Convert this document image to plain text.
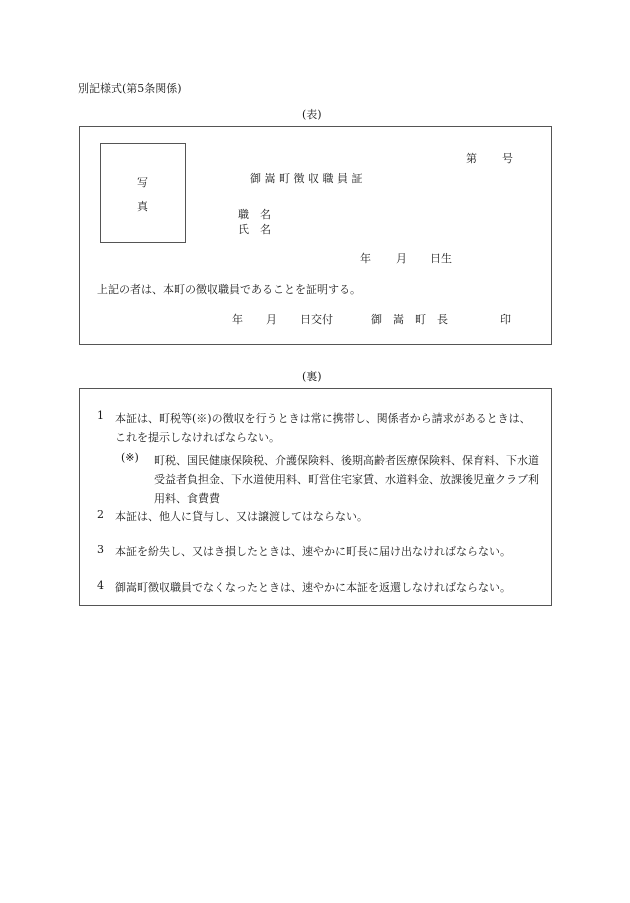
別記様式(第5条関係)
(表)
写
真
第 号
御 嵩 町 徴 収 職 員 証
職　名
氏　名
年 月 日生
上記の者は、本町の徴収職員であることを証明する。
年 月 日交付	御　嵩　町　長	印
(裏)
1 本証は、町税等(※)の徴収を行うときは常に携帯し、関係者から請求があるときは、これを提示しなければならない。
(※) 町税、国民健康保険税、介護保険料、後期高齢者医療保険料、保育料、下水道受益者負担金、下水道使用料、町営住宅家賃、水道料金、放課後児童クラブ利用料、食費費
2 本証は、他人に貸与し、又は譲渡してはならない。
3 本証を紛失し、又はき損したときは、速やかに町長に届け出なければならない。
4 御嵩町徴収職員でなくなったときは、速やかに本証を返還しなければならない。
